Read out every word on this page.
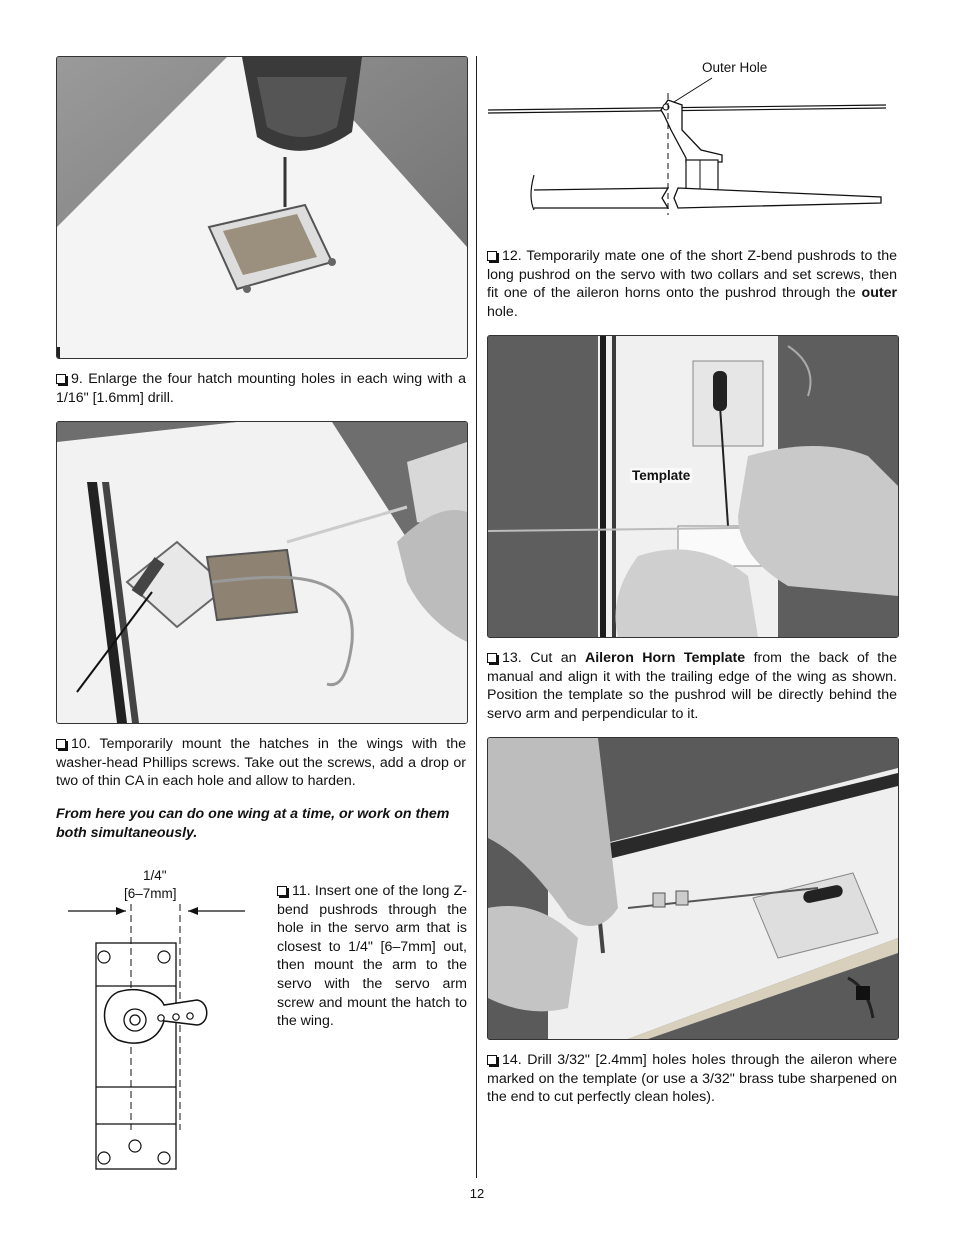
9. Enlarge the four hatch mounting holes in each wing with a 1/16" [1.6mm] drill.

10. Temporarily mount the hatches in the wings with the washer-head Phillips screws. Take out the screws, add a drop or two of thin CA in each hole and allow to harden.

From here you can do one wing at a time, or work on them both simultaneously.

1/4"
[6–7mm]	11. Insert one of the long Z-bend pushrods through the hole in the servo arm that is closest to 1/4" [6–7mm] out, then mount the arm to the servo with the servo arm screw and mount the hatch to the wing.

Outer Hole

12. Temporarily mate one of the short Z-bend pushrods to the long pushrod on the servo with two collars and set screws, then fit one of the aileron horns onto the pushrod through the outer hole.

Template

13. Cut an Aileron Horn Template from the back of the manual and align it with the trailing edge of the wing as shown. Position the template so the pushrod will be directly behind the servo arm and perpendicular to it.

14. Drill 3/32" [2.4mm] holes holes through the aileron where marked on the template (or use a 3/32" brass tube sharpened on the end to cut perfectly clean holes).

12
